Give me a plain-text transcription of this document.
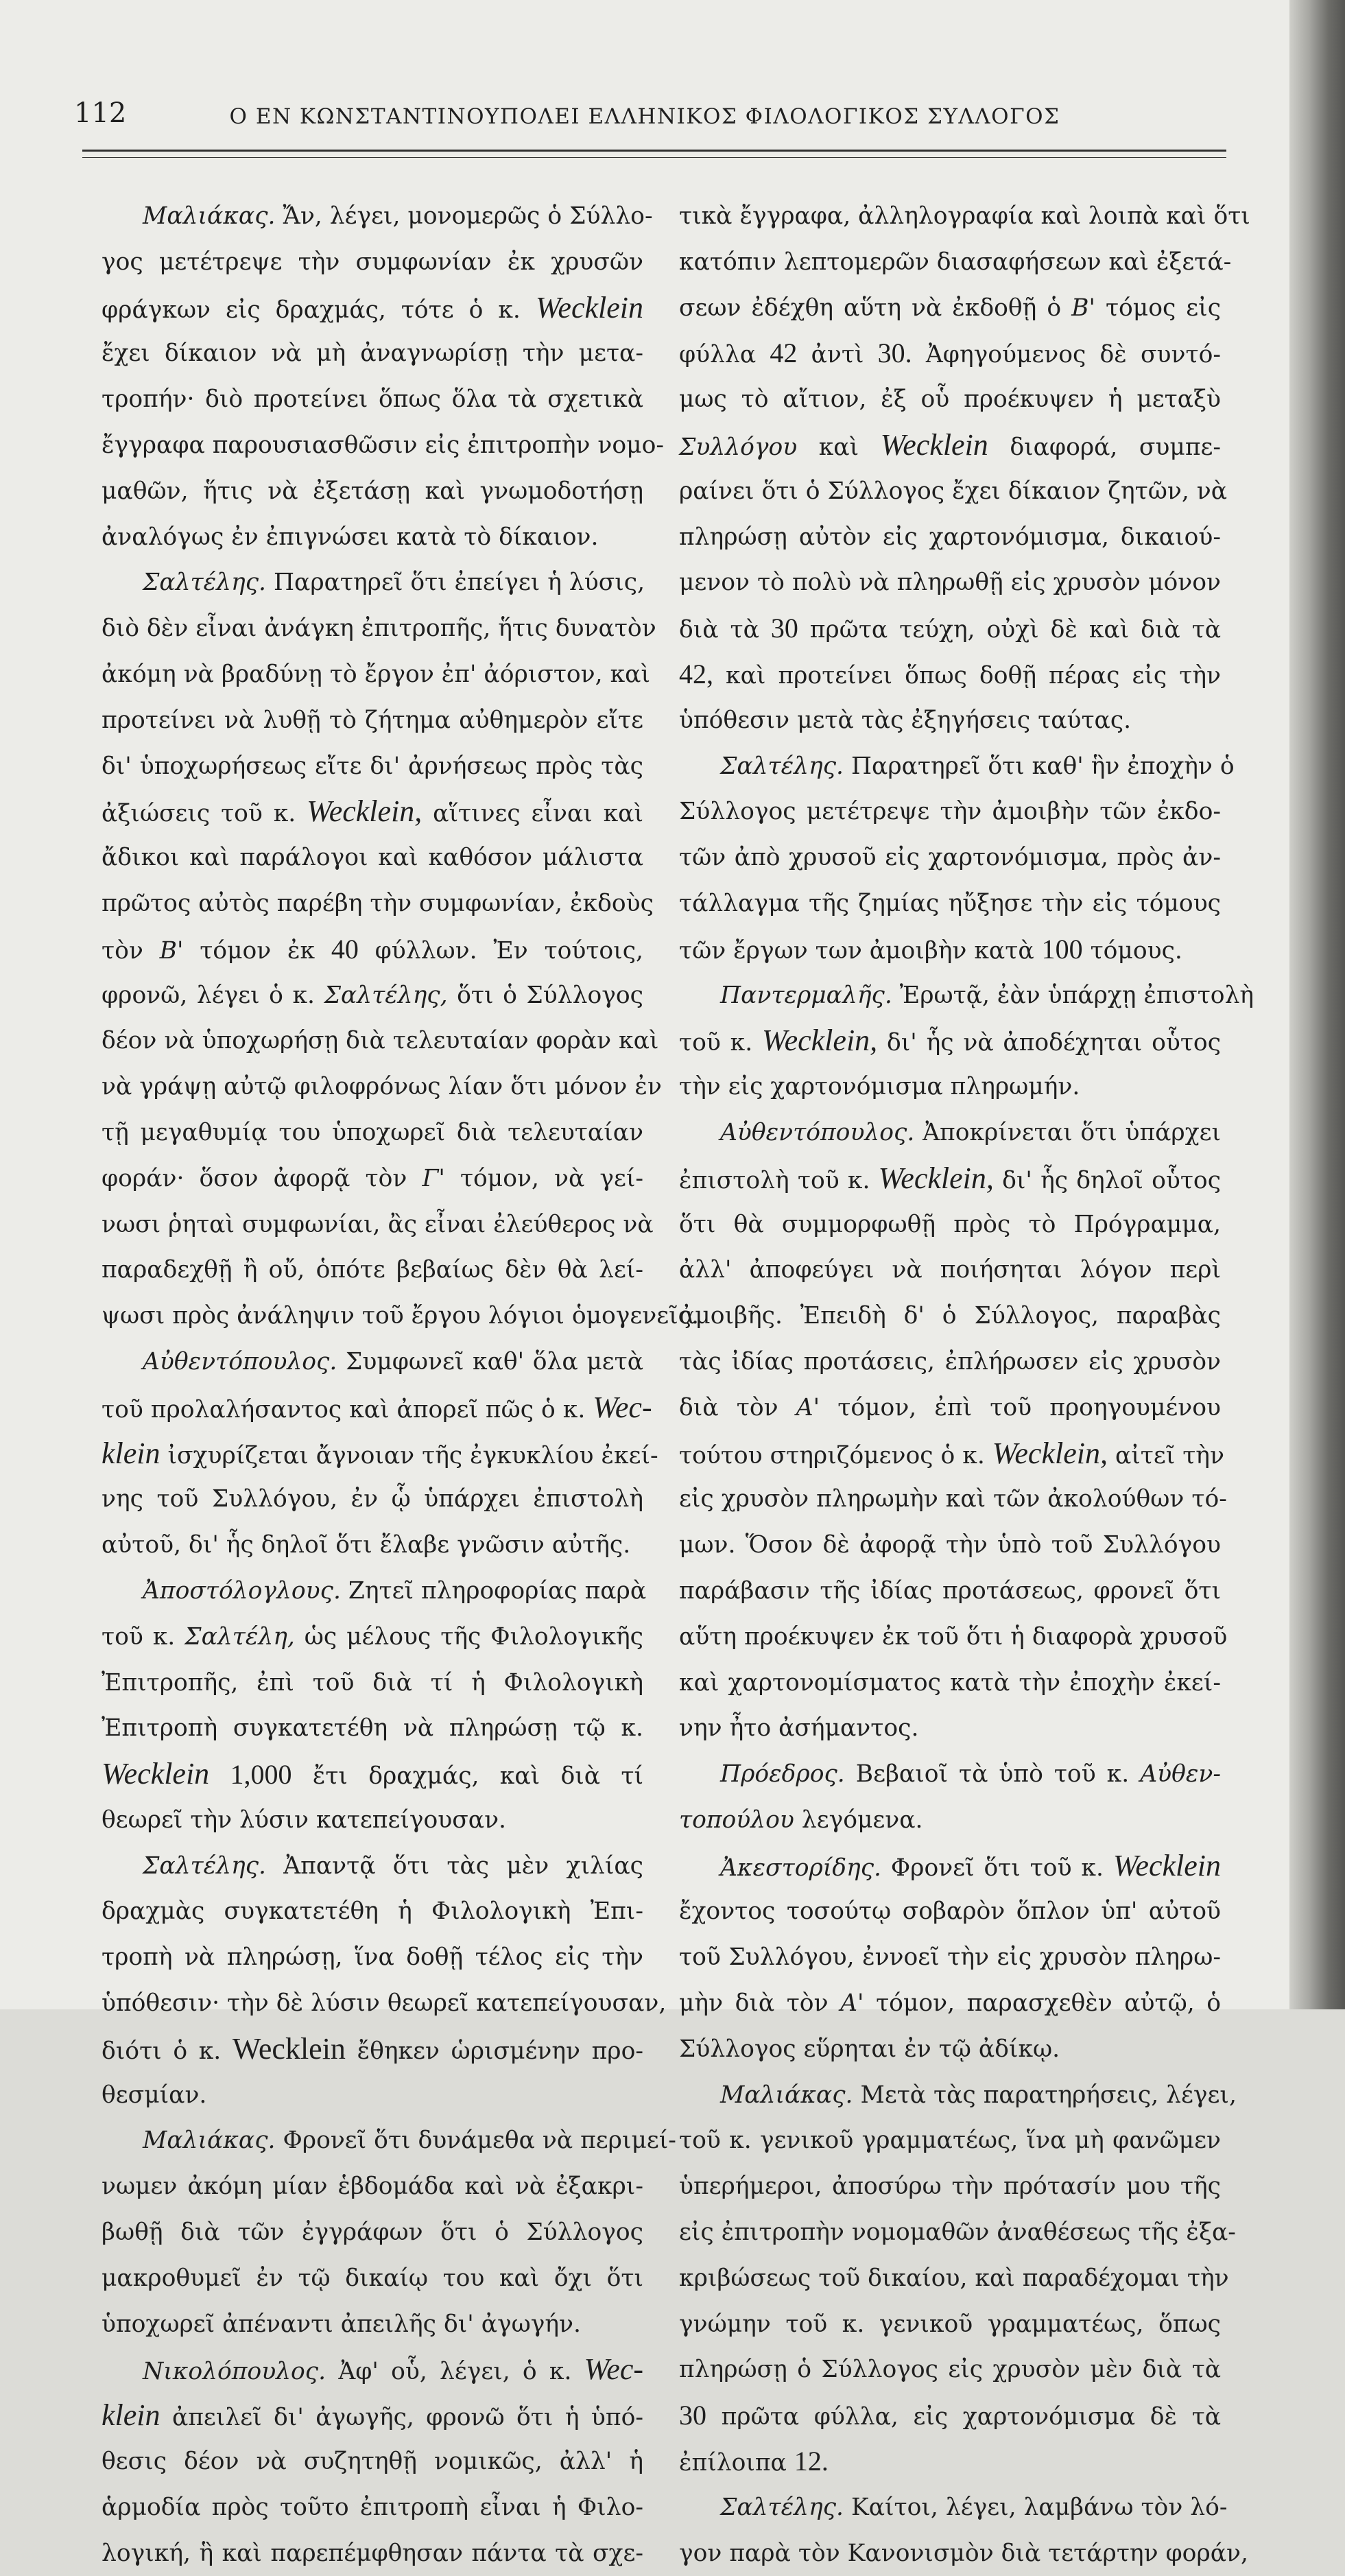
112	Ο ΕΝ ΚΩΝΣΤΑΝΤΙΝΟΥΠΟΛΕΙ ΕΛΛΗΝΙΚΟΣ ΦΙΛΟΛΟΓΙΚΟΣ ΣΥΛΛΟΓΟΣ
Μαλιάκας. Ἄν, λέγει, μονομερῶς ὁ Σύλλο-
γος μετέτρεψε τὴν συμφωνίαν ἐκ χρυσῶν
φράγκων εἰς δραχμάς, τότε ὁ κ. Wecklein
ἔχει δίκαιον νὰ μὴ ἀναγνωρίσῃ τὴν μετα-
τροπήν· διὸ προτείνει ὅπως ὅλα τὰ σχετικὰ
ἔγγραφα παρουσιασθῶσιν εἰς ἐπιτροπὴν νομο-
μαθῶν, ἥτις νὰ ἐξετάσῃ καὶ γνωμοδοτήσῃ
ἀναλόγως ἐν ἐπιγνώσει κατὰ τὸ δίκαιον.
Σαλτέλης. Παρατηρεῖ ὅτι ἐπείγει ἡ λύσις,
διὸ δὲν εἶναι ἀνάγκη ἐπιτροπῆς, ἥτις δυνατὸν
ἀκόμη νὰ βραδύνῃ τὸ ἔργον ἐπ' ἀόριστον, καὶ
προτείνει νὰ λυθῇ τὸ ζήτημα αὐθημερὸν εἴτε
δι' ὑποχωρήσεως εἴτε δι' ἀρνήσεως πρὸς τὰς
ἀξιώσεις τοῦ κ. Wecklein, αἵτινες εἶναι καὶ
ἄδικοι καὶ παράλογοι καὶ καθόσον μάλιστα
πρῶτος αὐτὸς παρέβη τὴν συμφωνίαν, ἐκδοὺς
τὸν Β' τόμον ἐκ 40 φύλλων. Ἐν τούτοις,
φρονῶ, λέγει ὁ κ. Σαλτέλης, ὅτι ὁ Σύλλογος
δέον νὰ ὑποχωρήσῃ διὰ τελευταίαν φορὰν καὶ
νὰ γράψῃ αὐτῷ φιλοφρόνως λίαν ὅτι μόνον ἐν
τῇ μεγαθυμίᾳ του ὑποχωρεῖ διὰ τελευταίαν
φοράν· ὅσον ἀφορᾷ τὸν Γ' τόμον, νὰ γεί-
νωσι ῥηταὶ συμφωνίαι, ἂς εἶναι ἐλεύθερος νὰ
παραδεχθῇ ἢ οὔ, ὁπότε βεβαίως δὲν θὰ λεί-
ψωσι πρὸς ἀνάληψιν τοῦ ἔργου λόγιοι ὁμογενεῖς.
Αὐθεντόπουλος. Συμφωνεῖ καθ' ὅλα μετὰ
τοῦ προλαλήσαντος καὶ ἀπορεῖ πῶς ὁ κ. Wec-
klein ἰσχυρίζεται ἄγνοιαν τῆς ἐγκυκλίου ἐκεί-
νης τοῦ Συλλόγου, ἐν ᾧ ὑπάρχει ἐπιστολὴ
αὐτοῦ, δι' ἧς δηλοῖ ὅτι ἔλαβε γνῶσιν αὐτῆς.
Ἀποστόλογλους. Ζητεῖ πληροφορίας παρὰ
τοῦ κ. Σαλτέλη, ὡς μέλους τῆς Φιλολογικῆς
Ἐπιτροπῆς, ἐπὶ τοῦ διὰ τί ἡ Φιλολογικὴ
Ἐπιτροπὴ συγκατετέθη νὰ πληρώσῃ τῷ κ.
Wecklein 1,000 ἔτι δραχμάς, καὶ διὰ τί
θεωρεῖ τὴν λύσιν κατεπείγουσαν.
Σαλτέλης. Ἀπαντᾷ ὅτι τὰς μὲν χιλίας
δραχμὰς συγκατετέθη ἡ Φιλολογικὴ Ἐπι-
τροπὴ νὰ πληρώσῃ, ἵνα δοθῇ τέλος εἰς τὴν
ὑπόθεσιν· τὴν δὲ λύσιν θεωρεῖ κατεπείγουσαν,
διότι ὁ κ. Wecklein ἔθηκεν ὡρισμένην προ-
θεσμίαν.
Μαλιάκας. Φρονεῖ ὅτι δυνάμεθα νὰ περιμεί-
νωμεν ἀκόμη μίαν ἑβδομάδα καὶ νὰ ἐξακρι-
βωθῇ διὰ τῶν ἐγγράφων ὅτι ὁ Σύλλογος
μακροθυμεῖ ἐν τῷ δικαίῳ του καὶ ὄχι ὅτι
ὑποχωρεῖ ἀπέναντι ἀπειλῆς δι' ἀγωγήν.
Νικολόπουλος. Ἀφ' οὗ, λέγει, ὁ κ. Wec-
klein ἀπειλεῖ δι' ἀγωγῆς, φρονῶ ὅτι ἡ ὑπό-
θεσις δέον νὰ συζητηθῇ νομικῶς, ἀλλ' ἡ
ἁρμοδία πρὸς τοῦτο ἐπιτροπὴ εἶναι ἡ Φιλο-
λογική, ἣ καὶ παρεπέμφθησαν πάντα τὰ σχε-
τικὰ ἔγγραφα, ἀλληλογραφία καὶ λοιπὰ καὶ ὅτι
κατόπιν λεπτομερῶν διασαφήσεων καὶ ἐξετά-
σεων ἐδέχθη αὕτη νὰ ἐκδοθῇ ὁ Β' τόμος εἰς
φύλλα 42 ἀντὶ 30. Ἀφηγούμενος δὲ συντό-
μως τὸ αἴτιον, ἐξ οὗ προέκυψεν ἡ μεταξὺ
Συλλόγου καὶ Wecklein διαφορά, συμπε-
ραίνει ὅτι ὁ Σύλλογος ἔχει δίκαιον ζητῶν, νὰ
πληρώσῃ αὐτὸν εἰς χαρτονόμισμα, δικαιού-
μενον τὸ πολὺ νὰ πληρωθῇ εἰς χρυσὸν μόνον
διὰ τὰ 30 πρῶτα τεύχη, οὐχὶ δὲ καὶ διὰ τὰ
42, καὶ προτείνει ὅπως δοθῇ πέρας εἰς τὴν
ὑπόθεσιν μετὰ τὰς ἐξηγήσεις ταύτας.
Σαλτέλης. Παρατηρεῖ ὅτι καθ' ἣν ἐποχὴν ὁ
Σύλλογος μετέτρεψε τὴν ἀμοιβὴν τῶν ἐκδο-
τῶν ἀπὸ χρυσοῦ εἰς χαρτονόμισμα, πρὸς ἀν-
τάλλαγμα τῆς ζημίας ηὔξησε τὴν εἰς τόμους
τῶν ἔργων των ἀμοιβὴν κατὰ 100 τόμους.
Παντερμαλῆς. Ἐρωτᾷ, ἐὰν ὑπάρχῃ ἐπιστολὴ
τοῦ κ. Wecklein, δι' ἧς νὰ ἀποδέχηται οὗτος
τὴν εἰς χαρτονόμισμα πληρωμήν.
Αὐθεντόπουλος. Ἀποκρίνεται ὅτι ὑπάρχει
ἐπιστολὴ τοῦ κ. Wecklein, δι' ἧς δηλοῖ οὗτος
ὅτι θὰ συμμορφωθῇ πρὸς τὸ Πρόγραμμα,
ἀλλ' ἀποφεύγει νὰ ποιήσηται λόγον περὶ
ἀμοιβῆς. Ἐπειδὴ δ' ὁ Σύλλογος, παραβὰς
τὰς ἰδίας προτάσεις, ἐπλήρωσεν εἰς χρυσὸν
διὰ τὸν Α' τόμον, ἐπὶ τοῦ προηγουμένου
τούτου στηριζόμενος ὁ κ. Wecklein, αἰτεῖ τὴν
εἰς χρυσὸν πληρωμὴν καὶ τῶν ἀκολούθων τό-
μων. Ὅσον δὲ ἀφορᾷ τὴν ὑπὸ τοῦ Συλλόγου
παράβασιν τῆς ἰδίας προτάσεως, φρονεῖ ὅτι
αὕτη προέκυψεν ἐκ τοῦ ὅτι ἡ διαφορὰ χρυσοῦ
καὶ χαρτονομίσματος κατὰ τὴν ἐποχὴν ἐκεί-
νην ἦτο ἀσήμαντος.
Πρόεδρος. Βεβαιοῖ τὰ ὑπὸ τοῦ κ. Αὐθεν-
τοπούλου λεγόμενα.
Ἀκεστορίδης. Φρονεῖ ὅτι τοῦ κ. Wecklein
ἔχοντος τοσούτῳ σοβαρὸν ὅπλον ὑπ' αὐτοῦ
τοῦ Συλλόγου, ἐννοεῖ τὴν εἰς χρυσὸν πληρω-
μὴν διὰ τὸν Α' τόμον, παρασχεθὲν αὐτῷ, ὁ
Σύλλογος εὕρηται ἐν τῷ ἀδίκῳ.
Μαλιάκας. Μετὰ τὰς παρατηρήσεις, λέγει,
τοῦ κ. γενικοῦ γραμματέως, ἵνα μὴ φανῶμεν
ὑπερήμεροι, ἀποσύρω τὴν πρότασίν μου τῆς
εἰς ἐπιτροπὴν νομομαθῶν ἀναθέσεως τῆς ἐξα-
κριβώσεως τοῦ δικαίου, καὶ παραδέχομαι τὴν
γνώμην τοῦ κ. γενικοῦ γραμματέως, ὅπως
πληρώσῃ ὁ Σύλλογος εἰς χρυσὸν μὲν διὰ τὰ
30 πρῶτα φύλλα, εἰς χαρτονόμισμα δὲ τὰ
ἐπίλοιπα 12.
Σαλτέλης. Καίτοι, λέγει, λαμβάνω τὸν λό-
γον παρὰ τὸν Κανονισμὸν διὰ τετάρτην φοράν,
